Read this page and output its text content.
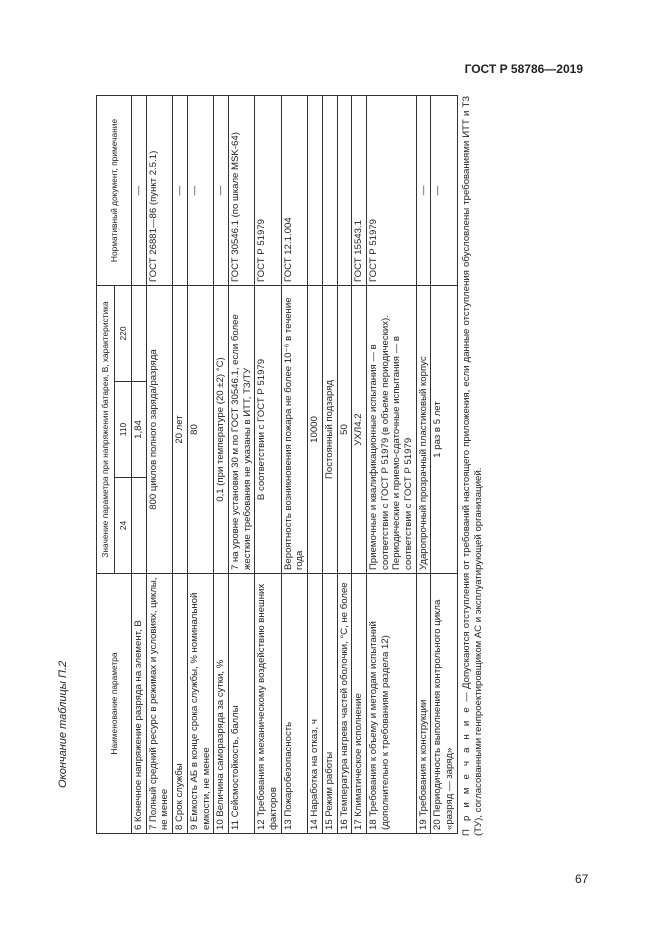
ГОСТ Р 58786—2019
Окончание таблицы П.2	Наименование параметра	Значение параметра при напряжении батареи, В, характеристика			Нормативный документ, примечание
	24	110	220	
6 Конечное напряжение разряда на элемент, В		1,84		—
7 Полный средний ресурс в режимах и условиях, циклы, не менее	800 циклов полного заряда/разряда			ГОСТ 26881—86 (пункт 2.5.1)
8 Срок службы	20 лет			—
9 Емкость АБ в конце срока службы, % номинальной емкости, не менее	80			—
10 Величина саморазряда за сутки, %	0,1 (при температуре (20 ±2) °С)			—
11 Сейсмостойкость, баллы	7 на уровне установки 30 м по ГОСТ 30546.1, если более жесткие требования не указаны в ИТТ, ТЗ/ТУ			ГОСТ 30546.1 (по шкале MSK-64)
12 Требования к механическому воздействию внешних факторов	В соответствии с ГОСТ Р 51979			ГОСТ Р 51979
13 Пожаробезопасность	Вероятность возникновения пожара не более 10⁻⁶ в течение года			ГОСТ 12.1.004
14 Наработка на отказ, ч	10000			
15 Режим работы	Постоянный подзаряд			
16 Температура нагрева частей оболочки, °С, не более	50			
17 Климатическое исполнение	УХЛ4.2			ГОСТ 15543.1
18 Требования к объему и методам испытаний (дополнительно к требованиям раздела 12)	Приемочные и квалификационные испытания — в соответствии с ГОСТ Р 51979 (в объеме периодических). Периодические и приемо-сдаточные испытания — в соответствии с ГОСТ Р 51979			ГОСТ Р 51979
19 Требования к конструкции	Ударопрочный прозрачный пластиковый корпус			—
20 Периодичность выполнения контрольного цикла «разряд — заряд»	1 раз в 5 лет			—
П р и м е ч а н и е — Допускаются отступления от требований настоящего приложения, если данные отступления обусловлены требованиями ИТТ и ТЗ (ТУ), согласованными генпроектировщиком АС и эксплуатирующей организацией.
67
